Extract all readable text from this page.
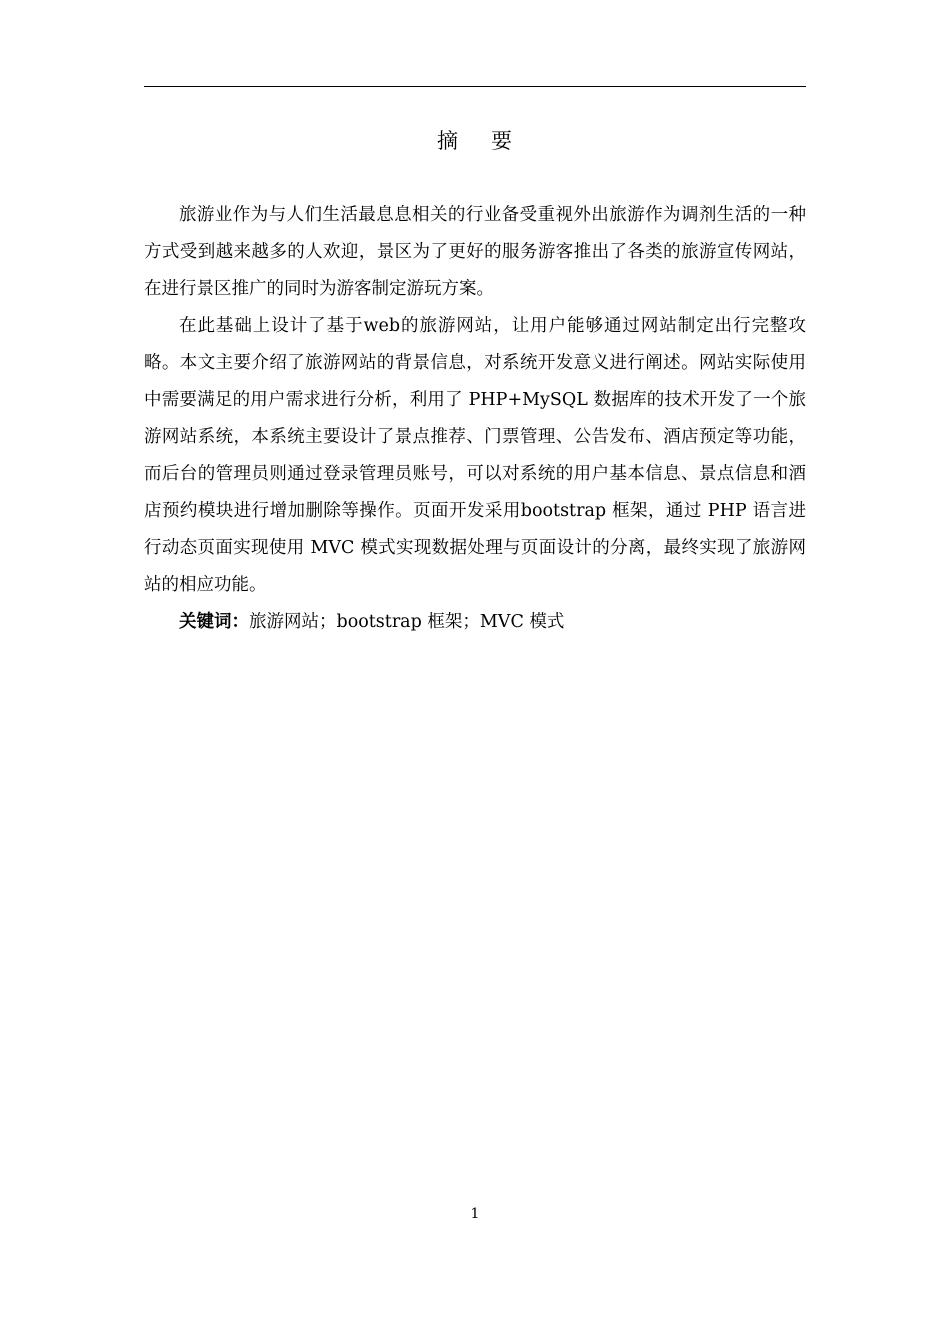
摘 要

旅游业作为与人们生活最息息相关的行业备受重视外出旅游作为调剂生活的一种方式受到越来越多的人欢迎，景区为了更好的服务游客推出了各类的旅游宣传网站，在进行景区推广的同时为游客制定游玩方案。

在此基础上设计了基于web的旅游网站，让用户能够通过网站制定出行完整攻略。本文主要介绍了旅游网站的背景信息，对系统开发意义进行阐述。网站实际使用中需要满足的用户需求进行分析，利用了 PHP+MySQL 数据库的技术开发了一个旅游网站系统，本系统主要设计了景点推荐、门票管理、公告发布、酒店预定等功能，而后台的管理员则通过登录管理员账号，可以对系统的用户基本信息、景点信息和酒店预约模块进行增加删除等操作。页面开发采用bootstrap 框架，通过 PHP 语言进行动态页面实现使用 MVC 模式实现数据处理与页面设计的分离，最终实现了旅游网站的相应功能。

关键词：旅游网站；bootstrap 框架；MVC 模式

1
